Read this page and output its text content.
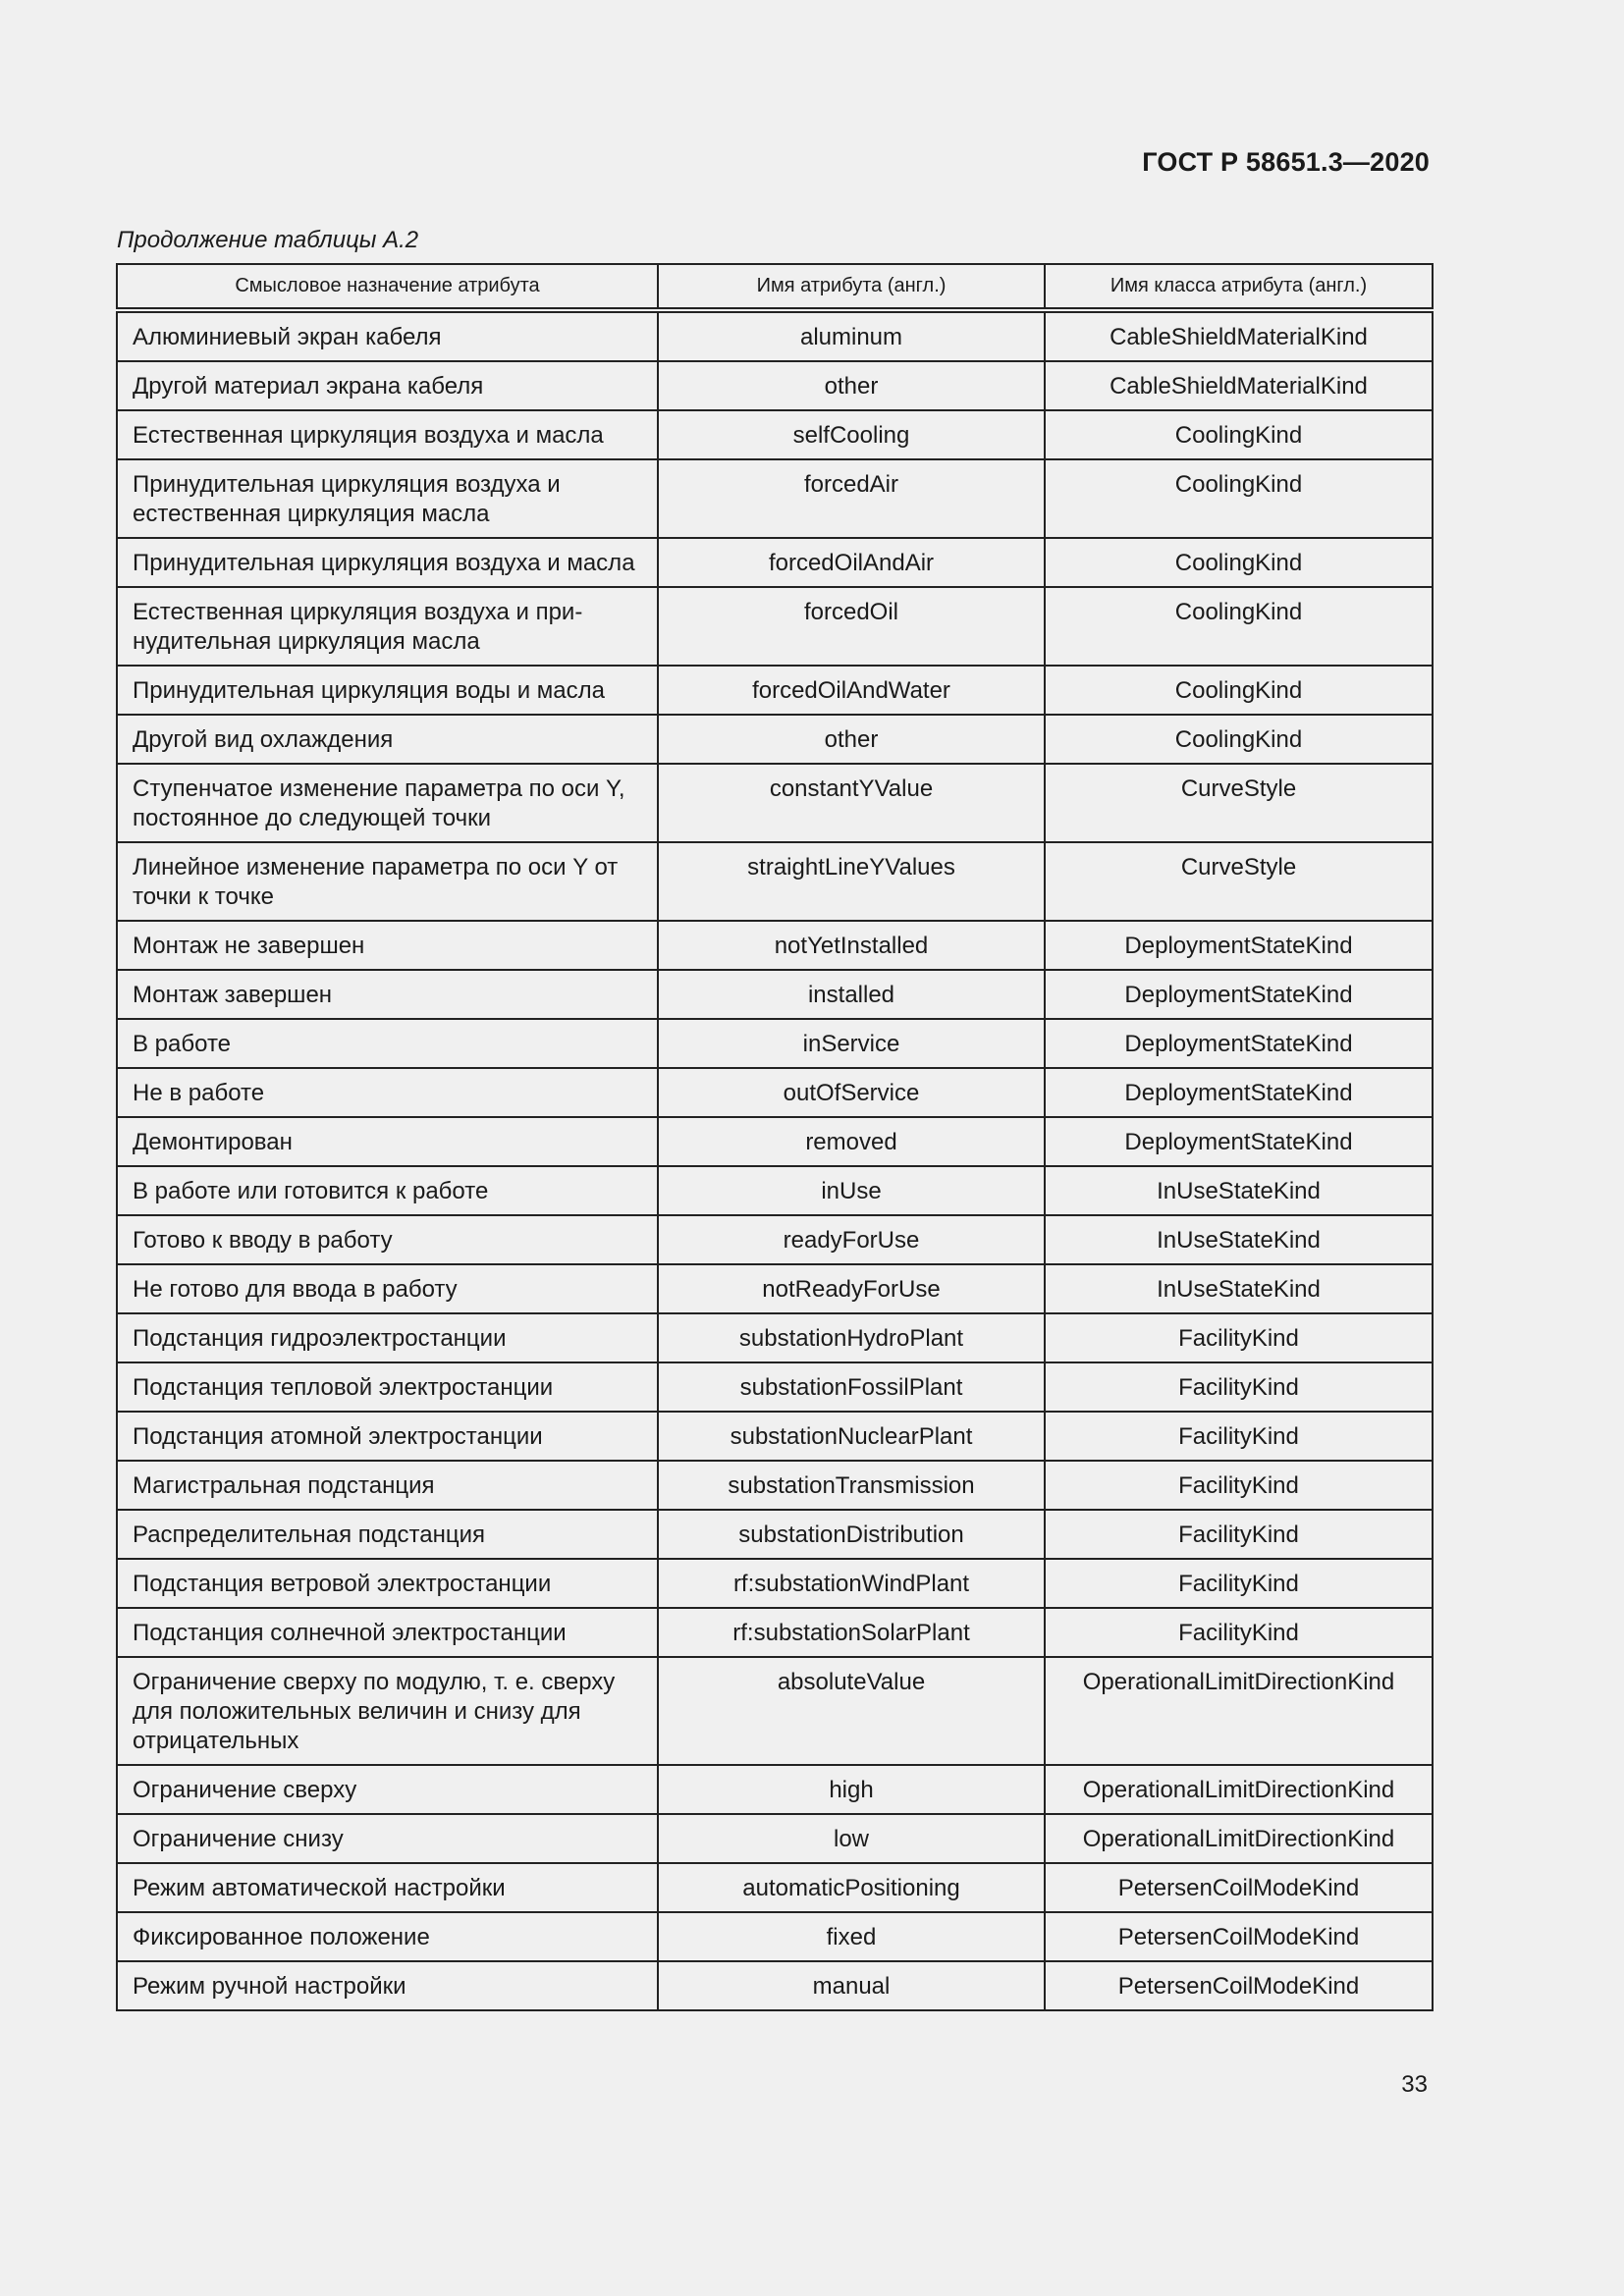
ГОСТ Р 58651.3—2020
Продолжение таблицы А.2
Смысловое назначение атрибута	Имя атрибута (англ.)	Имя класса атрибута (англ.)
Алюминиевый экран кабеля	aluminum	CableShieldMaterialKind
Другой материал экрана кабеля	other	CableShieldMaterialKind
Естественная циркуляция воздуха и масла	selfCooling	CoolingKind
Принудительная циркуляция воздуха и естественная циркуляция масла	forcedAir	CoolingKind
Принудительная циркуляция воздуха и масла	forcedOilAndAir	CoolingKind
Естественная циркуляция воздуха и при-нудительная циркуляция масла	forcedOil	CoolingKind
Принудительная циркуляция воды и масла	forcedOilAndWater	CoolingKind
Другой вид охлаждения	other	CoolingKind
Ступенчатое изменение параметра по оси Y, постоянное до следующей точки	constantYValue	CurveStyle
Линейное изменение параметра по оси Y от точки к точке	straightLineYValues	CurveStyle
Монтаж не завершен	notYetInstalled	DeploymentStateKind
Монтаж завершен	installed	DeploymentStateKind
В работе	inService	DeploymentStateKind
Не в работе	outOfService	DeploymentStateKind
Демонтирован	removed	DeploymentStateKind
В работе или готовится к работе	inUse	InUseStateKind
Готово к вводу в работу	readyForUse	InUseStateKind
Не готово для ввода в работу	notReadyForUse	InUseStateKind
Подстанция гидроэлектростанции	substationHydroPlant	FacilityKind
Подстанция тепловой электростанции	substationFossilPlant	FacilityKind
Подстанция атомной электростанции	substationNuclearPlant	FacilityKind
Магистральная подстанция	substationTransmission	FacilityKind
Распределительная подстанция	substationDistribution	FacilityKind
Подстанция ветровой электростанции	rf:substationWindPlant	FacilityKind
Подстанция солнечной электростанции	rf:substationSolarPlant	FacilityKind
Ограничение сверху по модулю, т. е. сверху для положительных величин и снизу для отрицательных	absoluteValue	OperationalLimitDirectionKind
Ограничение сверху	high	OperationalLimitDirectionKind
Ограничение снизу	low	OperationalLimitDirectionKind
Режим автоматической настройки	automaticPositioning	PetersenCoilModeKind
Фиксированное положение	fixed	PetersenCoilModeKind
Режим ручной настройки	manual	PetersenCoilModeKind
33
